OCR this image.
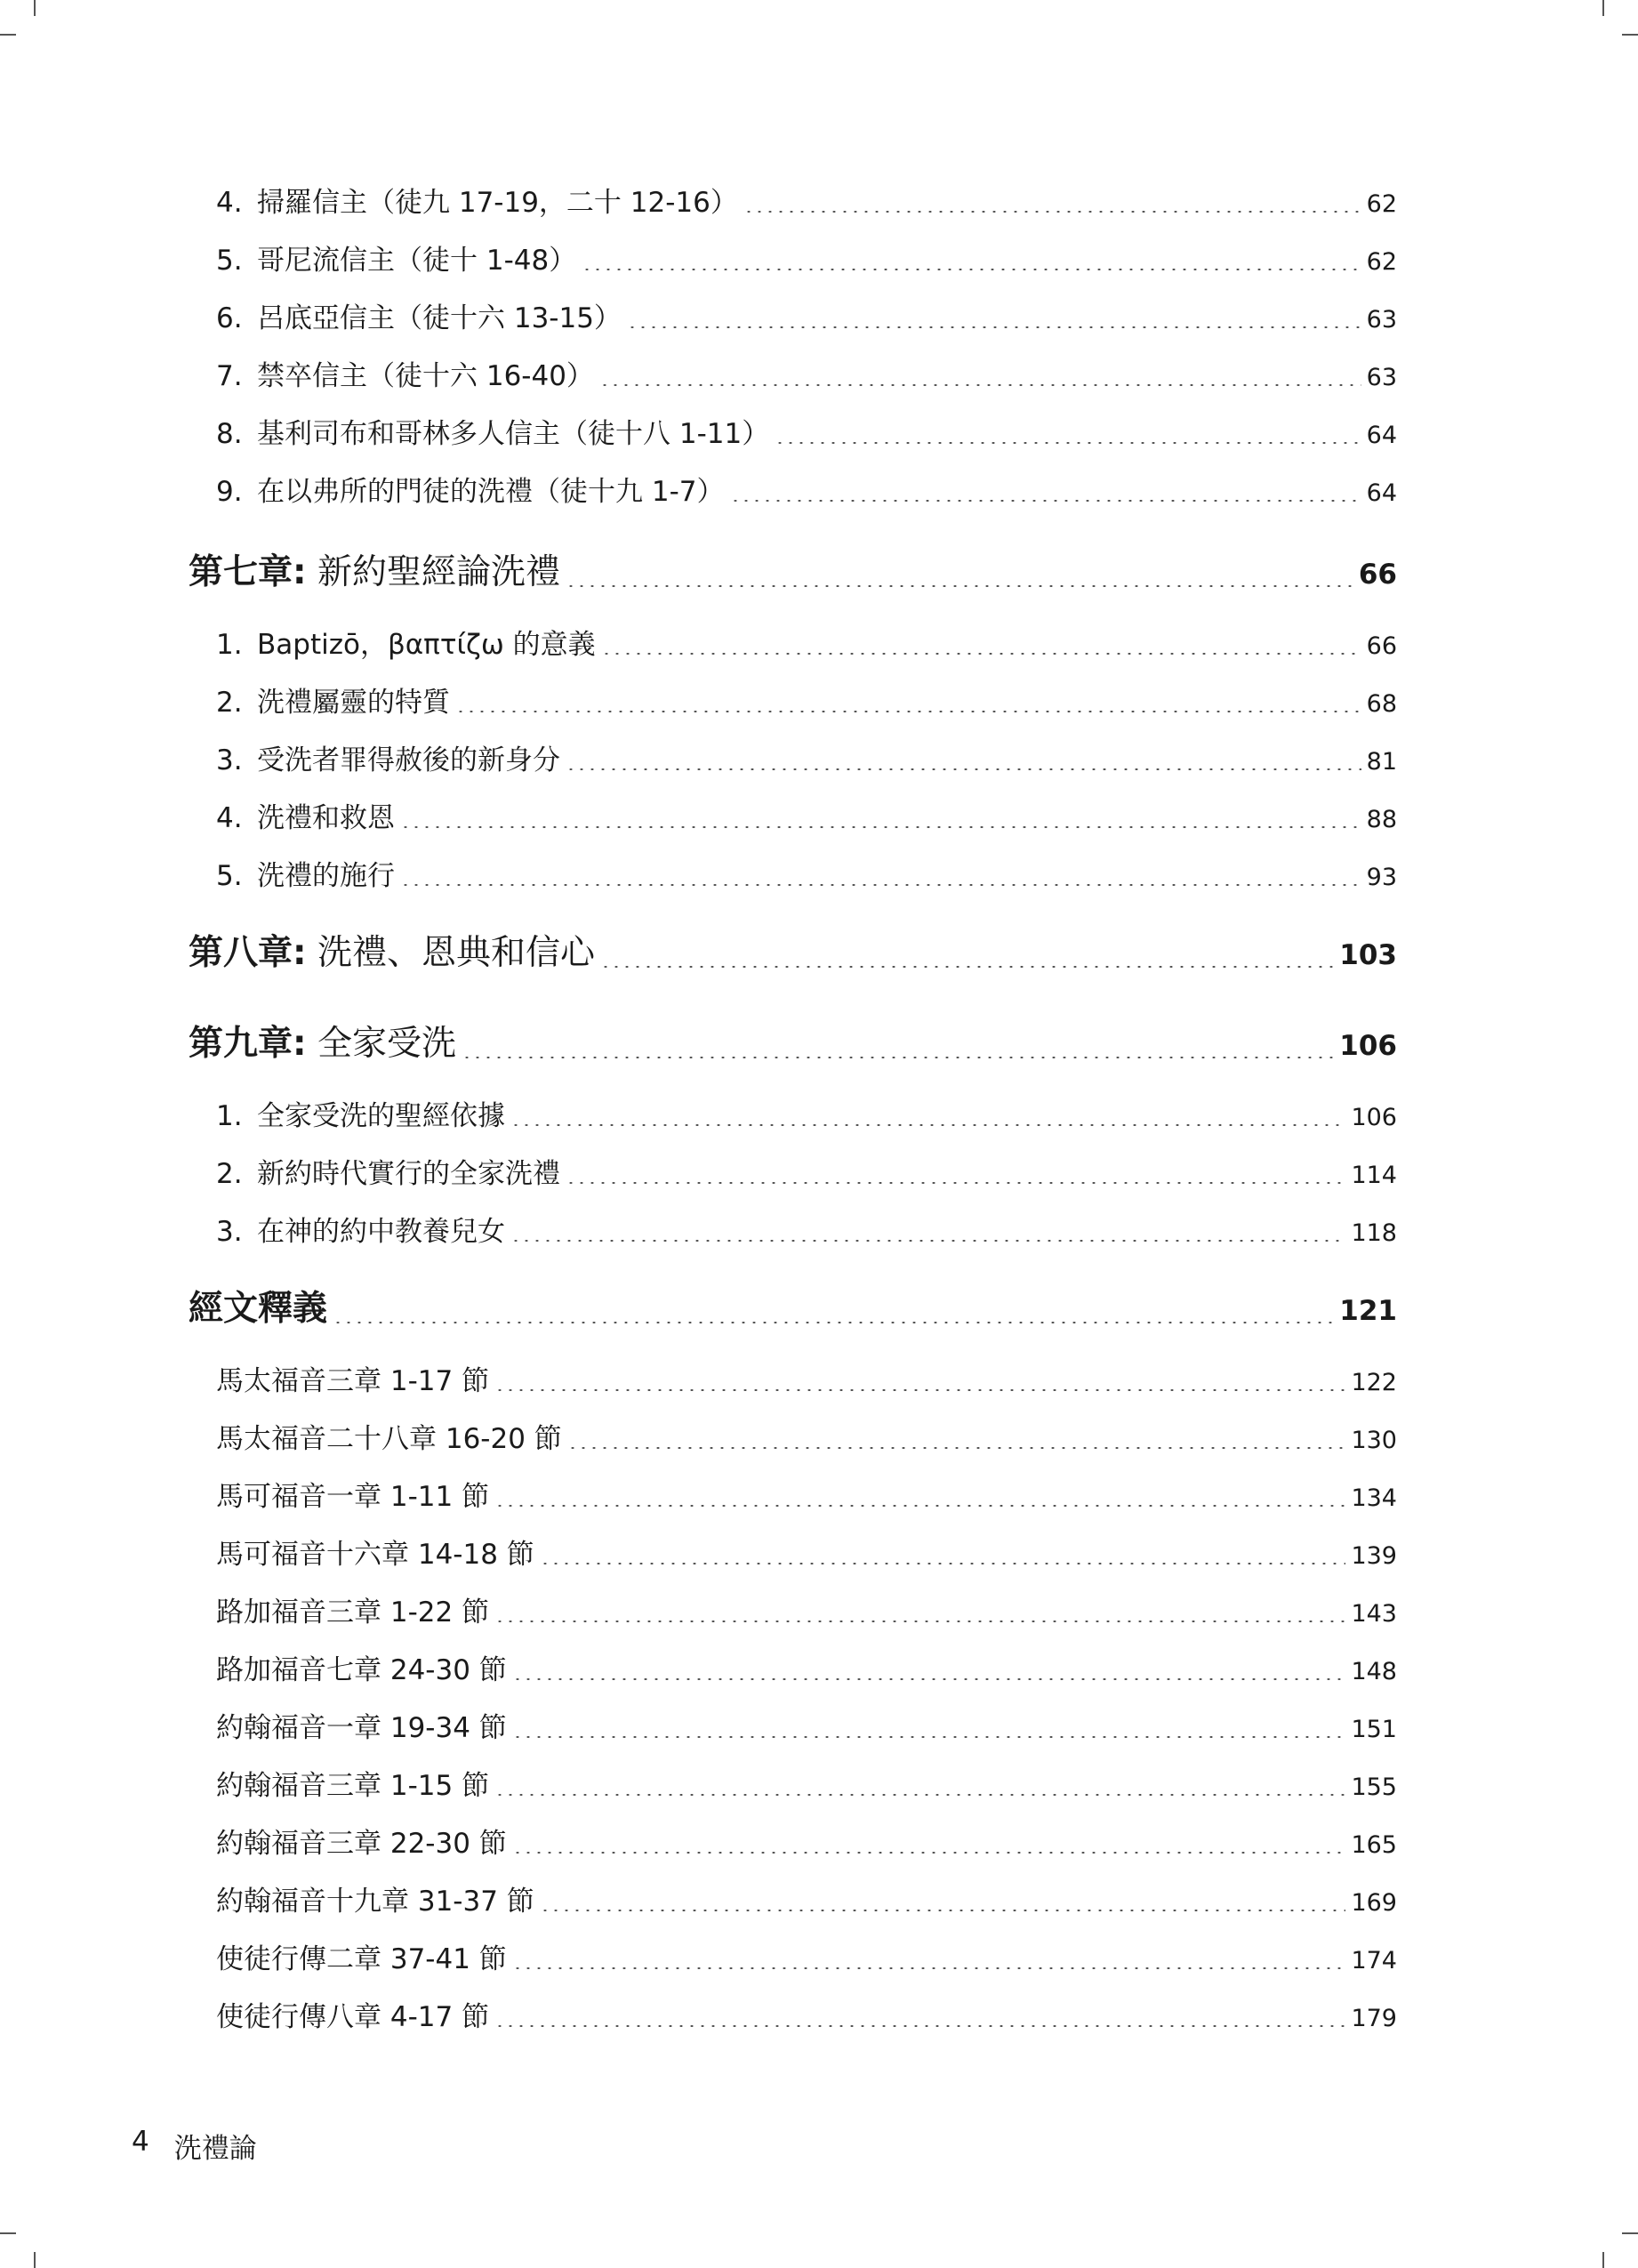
4. 掃羅信主（徒九 17-19，二十 12-16）	62
5. 哥尼流信主（徒十 1-48）	62
6. 呂底亞信主（徒十六 13-15）	63
7. 禁卒信主（徒十六 16-40）	63
8. 基利司布和哥林多人信主（徒十八 1-11）	64
9. 在以弗所的門徒的洗禮（徒十九 1-7）	64
第七章: 新約聖經論洗禮	66
1. Baptizō，βαπτίζω 的意義	66
2. 洗禮屬靈的特質	68
3. 受洗者罪得赦後的新身分	81
4. 洗禮和救恩	88
5. 洗禮的施行	93
第八章: 洗禮、恩典和信心	103
第九章: 全家受洗	106
1. 全家受洗的聖經依據	106
2. 新約時代實行的全家洗禮	114
3. 在神的約中教養兒女	118
經文釋義	121
馬太福音三章 1-17 節	122
馬太福音二十八章 16-20 節	130
馬可福音一章 1-11 節	134
馬可福音十六章 14-18 節	139
路加福音三章 1-22 節	143
路加福音七章 24-30 節	148
約翰福音一章 19-34 節	151
約翰福音三章 1-15 節	155
約翰福音三章 22-30 節	165
約翰福音十九章 31-37 節	169
使徒行傳二章 37-41 節	174
使徒行傳八章 4-17 節	179
4 洗禮論
